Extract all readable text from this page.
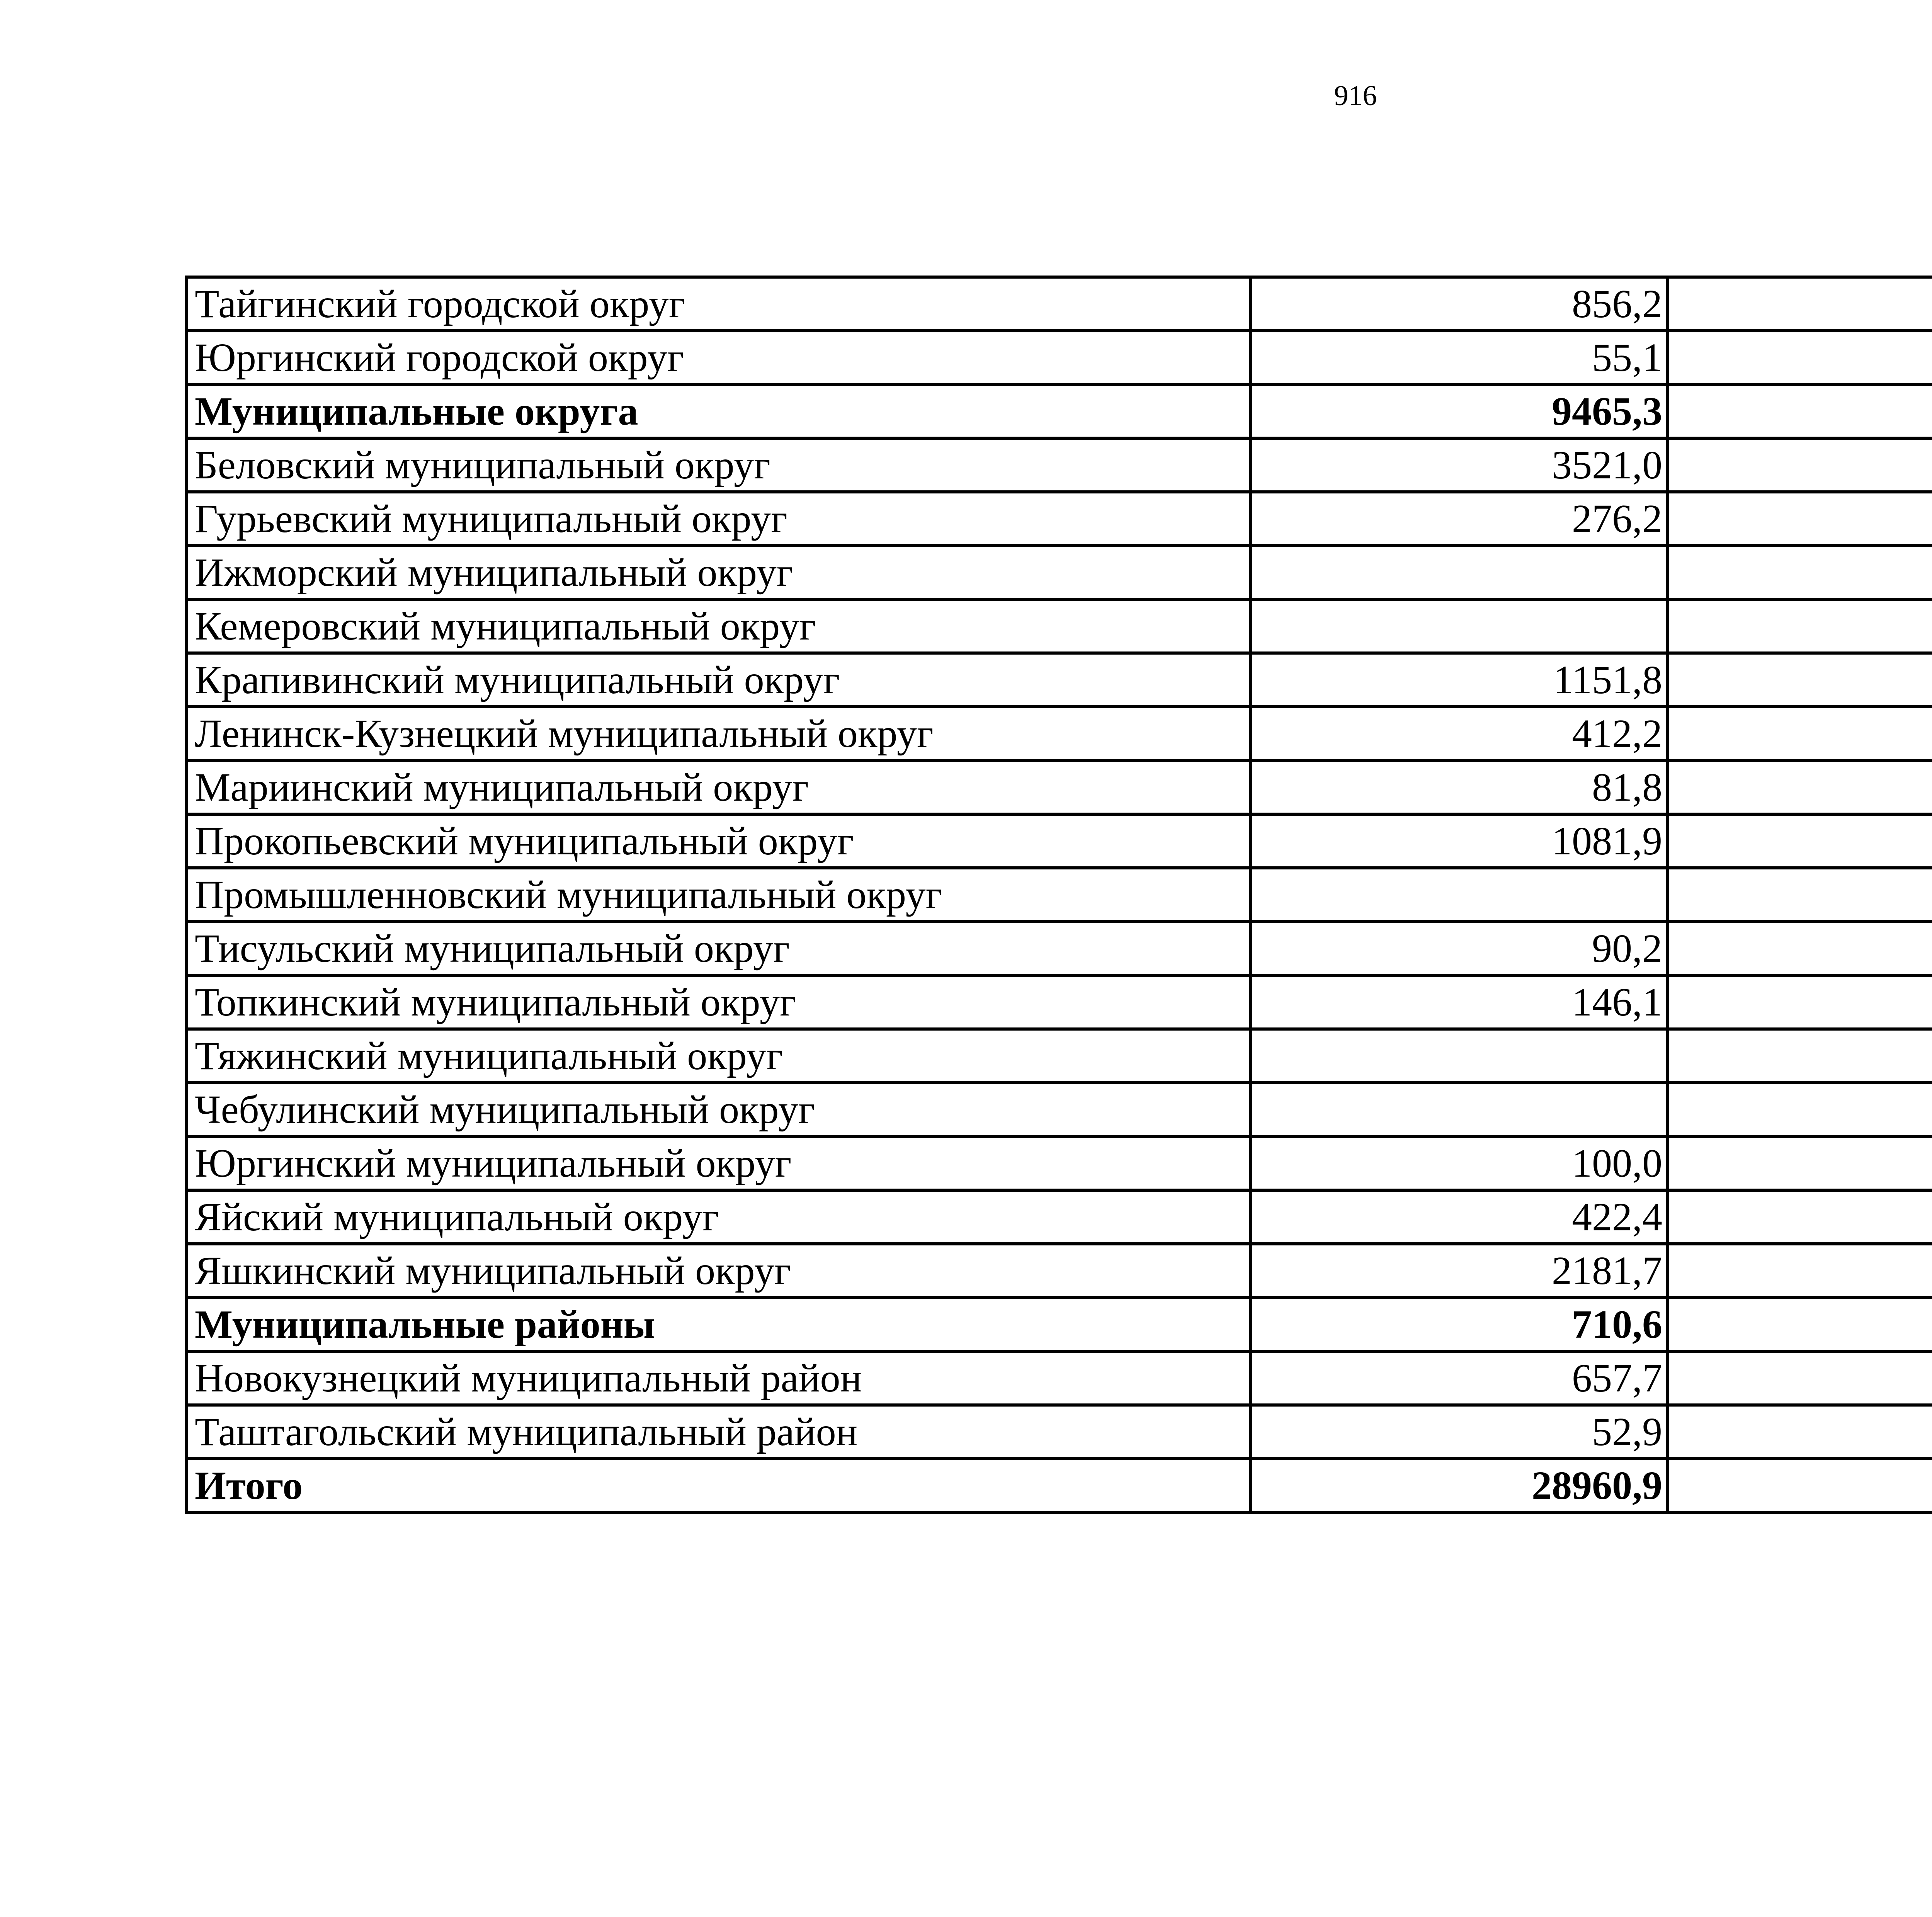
916
Тайгинский городской округ	856,2		
Юргинский городской округ	55,1		
Муниципальные округа	9465,3		
Беловский муниципальный округ	3521,0		
Гурьевский муниципальный округ	276,2		
Ижморский муниципальный округ			
Кемеровский муниципальный округ			
Крапивинский муниципальный округ	1151,8		
Ленинск-Кузнецкий муниципальный округ	412,2		
Мариинский муниципальный округ	81,8		
Прокопьевский муниципальный округ	1081,9		
Промышленновский муниципальный округ			
Тисульский муниципальный округ	90,2		
Топкинский муниципальный округ	146,1		
Тяжинский муниципальный округ			
Чебулинский муниципальный округ			
Юргинский муниципальный округ	100,0		
Яйский муниципальный округ	422,4		
Яшкинский муниципальный округ	2181,7		
Муниципальные районы	710,6		
Новокузнецкий муниципальный район	657,7		
Таштагольский муниципальный район	52,9		
Итого	28960,9		
